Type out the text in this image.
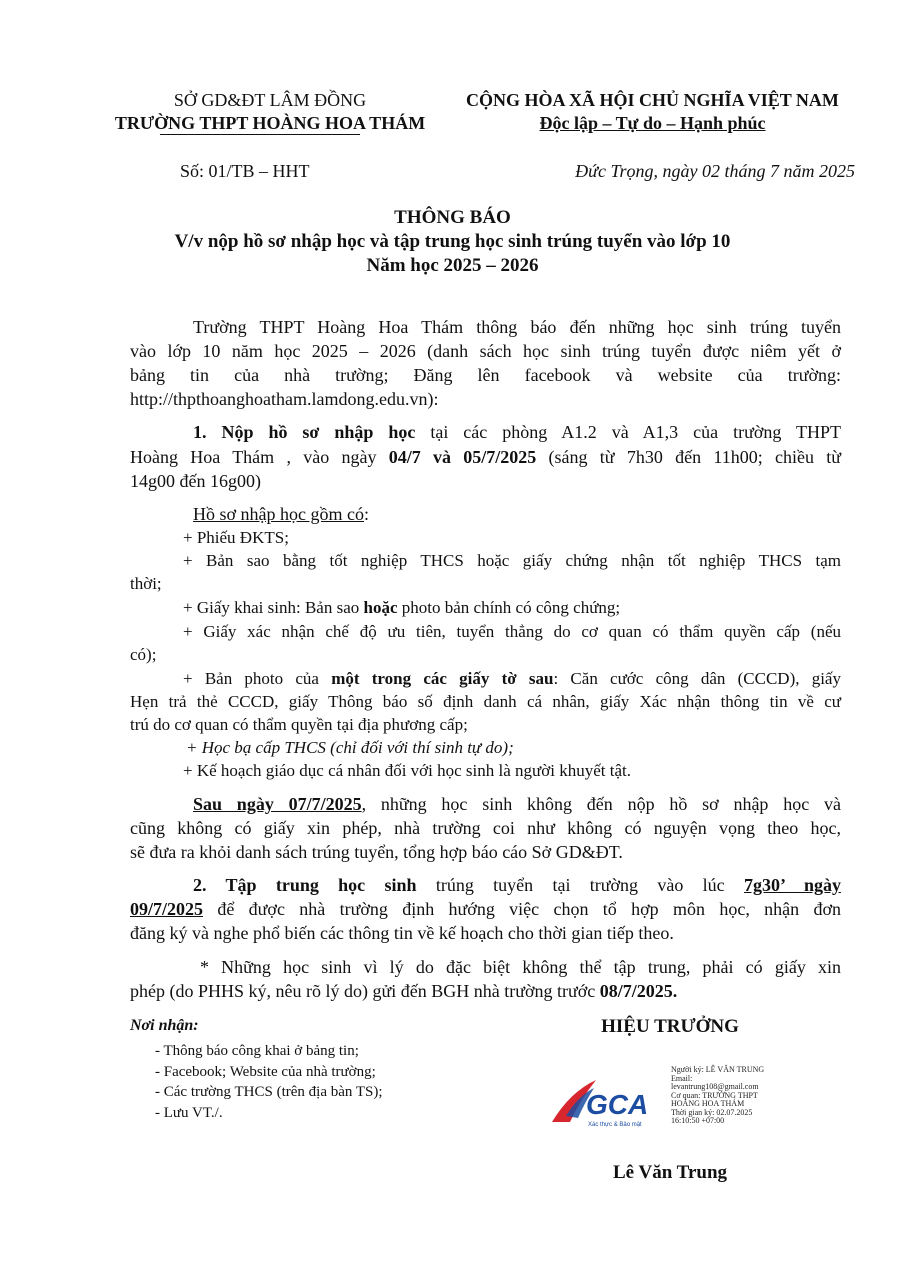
SỞ GD&ĐT LÂM ĐỒNG
TRƯỜNG THPT HOÀNG HOA THÁM
CỘNG HÒA XÃ HỘI CHỦ NGHĨA VIỆT NAM
Độc lập – Tự do – Hạnh phúc
Số: 01/TB – HHT	Đức Trọng, ngày 02 tháng 7 năm 2025
THÔNG BÁO
V/v nộp hồ sơ nhập học và tập trung học sinh trúng tuyển vào lớp 10
Năm học 2025 – 2026
Trường THPT Hoàng Hoa Thám thông báo đến những học sinh trúng tuyển
vào lớp 10 năm học 2025 – 2026 (danh sách học sinh trúng tuyển được niêm yết ở
bảng tin của nhà trường; Đăng lên facebook và website của trường:
http://thpthoanghoatham.lamdong.edu.vn):
1. Nộp hồ sơ nhập học tại các phòng A1.2 và A1,3 của trường THPT
Hoàng Hoa Thám , vào ngày 04/7 và 05/7/2025 (sáng từ 7h30 đến 11h00; chiều từ
14g00 đến 16g00)
Hồ sơ nhập học gồm có:
+ Phiếu ĐKTS;
+ Bản sao bằng tốt nghiệp THCS hoặc giấy chứng nhận tốt nghiệp THCS tạm
thời;
+ Giấy khai sinh: Bản sao hoặc photo bản chính có công chứng;
+ Giấy xác nhận chế độ ưu tiên, tuyển thẳng do cơ quan có thẩm quyền cấp (nếu
có);
+ Bản photo của một trong các giấy tờ sau: Căn cước công dân (CCCD), giấy
Hẹn trả thẻ CCCD, giấy Thông báo số định danh cá nhân, giấy Xác nhận thông tin về cư
trú do cơ quan có thẩm quyền tại địa phương cấp;
+ Học bạ cấp THCS (chỉ đối với thí sinh tự do);
+ Kế hoạch giáo dục cá nhân đối với học sinh là người khuyết tật.
Sau ngày 07/7/2025, những học sinh không đến nộp hồ sơ nhập học và
cũng không có giấy xin phép, nhà trường coi như không có nguyện vọng theo học,
sẽ đưa ra khỏi danh sách trúng tuyển, tổng hợp báo cáo Sở GD&ĐT.
2. Tập trung học sinh trúng tuyển tại trường vào lúc 7g30’ ngày
09/7/2025 để được nhà trường định hướng việc chọn tổ hợp môn học, nhận đơn
đăng ký và nghe phổ biến các thông tin về kế hoạch cho thời gian tiếp theo.
* Những học sinh vì lý do đặc biệt không thể tập trung, phải có giấy xin
phép (do PHHS ký, nêu rõ lý do) gửi đến BGH nhà trường trước 08/7/2025.
Nơi nhận:
- Thông báo công khai ở bảng tin;
- Facebook; Website của nhà trường;
- Các trường THCS (trên địa bàn TS);
- Lưu VT./.
HIỆU TRƯỞNG
GCA
Xác thực & Bảo mật
Người ký: LÊ VĂN TRUNG
Email:
levantrung108@gmail.com
Cơ quan: TRƯỜNG THPT
HOÀNG HOA THÁM
Thời gian ký: 02.07.2025
16:10:50 +07:00
Lê Văn Trung
